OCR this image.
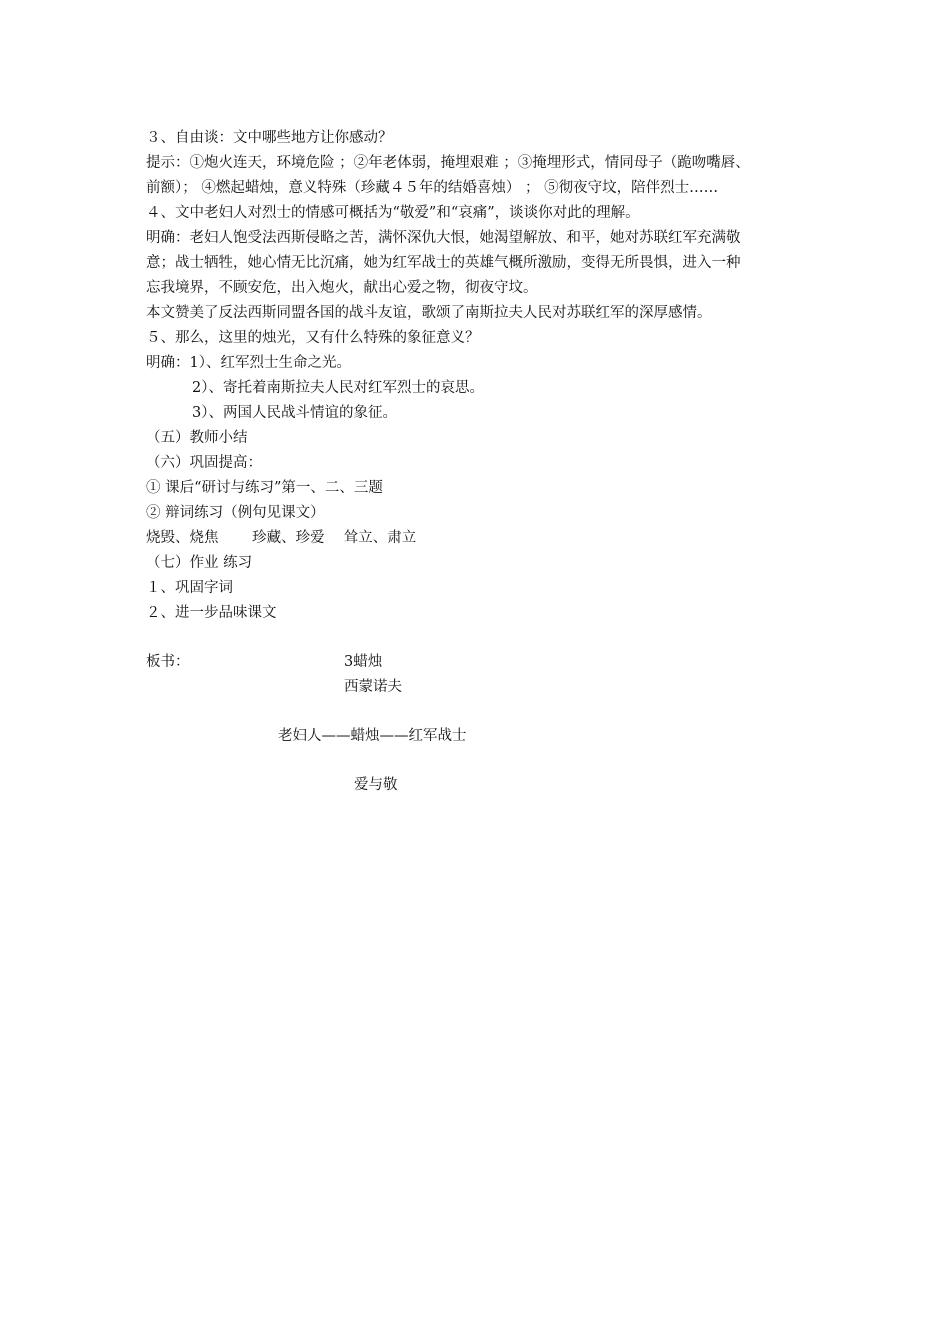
３、自由谈：文中哪些地方让你感动？
提示：①炮火连天，环境危险 ；②年老体弱，掩埋艰难 ；③掩埋形式，情同母子（跪吻嘴唇、
前额）； ④燃起蜡烛，意义特殊（珍藏４５年的结婚喜烛） ； ⑤彻夜守坟，陪伴烈士……
４、文中老妇人对烈士的情感可概括为“敬爱”和“哀痛”，谈谈你对此的理解。
明确：老妇人饱受法西斯侵略之苦，满怀深仇大恨，她渴望解放、和平，她对苏联红军充满敬
意；战士牺牲，她心情无比沉痛，她为红军战士的英雄气概所激励，变得无所畏惧，进入一种
忘我境界，不顾安危，出入炮火，献出心爱之物，彻夜守坟。
本文赞美了反法西斯同盟各国的战斗友谊，歌颂了南斯拉夫人民对苏联红军的深厚感情。
５、那么，这里的烛光，又有什么特殊的象征意义？
明确：1）、红军烈士生命之光。
2）、寄托着南斯拉夫人民对红军烈士的哀思。
3）、两国人民战斗情谊的象征。
（五）教师小结
（六）巩固提高：
① 课后“研讨与练习”第一、二、三题
② 辩词练习（例句见课文）
烧毁、烧焦　　 珍藏、珍爱　 耸立、肃立
（七）作业 练习
１、巩固字词
２、进一步品味课文
板书：	3蜡烛
西蒙诺夫
老妇人——蜡烛——红军战士
爱与敬
